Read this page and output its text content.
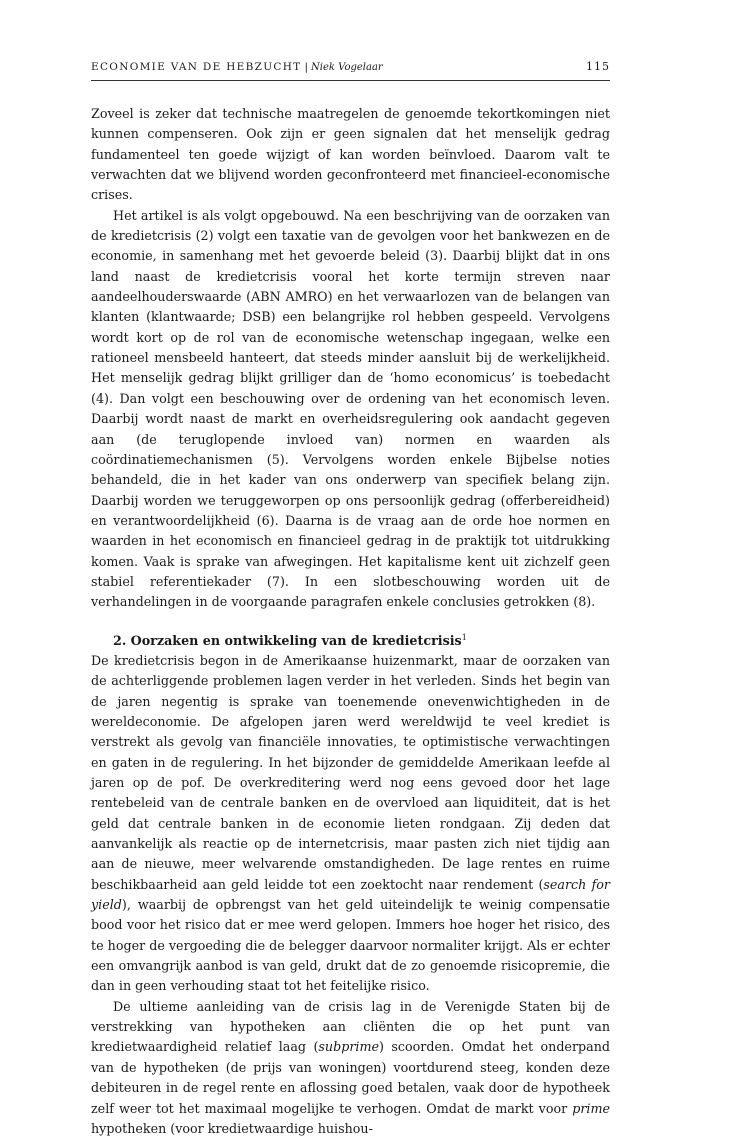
ECONOMIE VAN DE HEBZUCHT | Niek Vogelaar	115

Zoveel is zeker dat technische maatregelen de genoemde tekortkomingen niet kunnen compenseren. Ook zijn er geen signalen dat het menselijk gedrag fundamenteel ten goede wijzigt of kan worden beïnvloed. Daarom valt te verwachten dat we blijvend worden geconfronteerd met financieel-economische crises.

Het artikel is als volgt opgebouwd. Na een beschrijving van de oorzaken van de kredietcrisis (2) volgt een taxatie van de gevolgen voor het bankwezen en de economie, in samenhang met het gevoerde beleid (3). Daarbij blijkt dat in ons land naast de kredietcrisis vooral het korte termijn streven naar aandeelhouderswaarde (ABN AMRO) en het verwaarlozen van de belangen van klanten (klantwaarde; DSB) een belangrijke rol hebben gespeeld. Vervolgens wordt kort op de rol van de economische wetenschap ingegaan, welke een rationeel mensbeeld hanteert, dat steeds minder aansluit bij de werkelijkheid. Het menselijk gedrag blijkt grilliger dan de ‘homo economicus’ is toebedacht (4). Dan volgt een beschouwing over de ordening van het economisch leven. Daarbij wordt naast de markt en overheidsregulering ook aandacht gegeven aan (de teruglopende invloed van) normen en waarden als coördinatiemechanismen (5). Vervolgens worden enkele Bijbelse noties behandeld, die in het kader van ons onderwerp van specifiek belang zijn. Daarbij worden we teruggeworpen op ons persoonlijk gedrag (offerbereidheid) en verantwoordelijkheid (6). Daarna is de vraag aan de orde hoe normen en waarden in het economisch en financieel gedrag in de praktijk tot uitdrukking komen. Vaak is sprake van afwegingen. Het kapitalisme kent uit zichzelf geen stabiel referentiekader (7). In een slotbeschouwing worden uit de verhandelingen in de voorgaande paragrafen enkele conclusies getrokken (8).

2. Oorzaken en ontwikkeling van de kredietcrisis$^1$

De kredietcrisis begon in de Amerikaanse huizenmarkt, maar de oorzaken van de achterliggende problemen lagen verder in het verleden. Sinds het begin van de jaren negentig is sprake van toenemende onevenwichtigheden in de wereldeconomie. De afgelopen jaren werd wereldwijd te veel krediet is verstrekt als gevolg van financiële innovaties, te optimistische verwachtingen en gaten in de regulering. In het bijzonder de gemiddelde Amerikaan leefde al jaren op de pof. De overkreditering werd nog eens gevoed door het lage rentebeleid van de centrale banken en de overvloed aan liquiditeit, dat is het geld dat centrale banken in de economie lieten rondgaan. Zij deden dat aanvankelijk als reactie op de internetcrisis, maar pasten zich niet tijdig aan aan de nieuwe, meer welvarende omstandigheden. De lage rentes en ruime beschikbaarheid aan geld leidde tot een zoektocht naar rendement (search for yield), waarbij de opbrengst van het geld uiteindelijk te weinig compensatie bood voor het risico dat er mee werd gelopen. Immers hoe hoger het risico, des te hoger de vergoeding die de belegger daarvoor normaliter krijgt. Als er echter een omvangrijk aanbod is van geld, drukt dat de zo genoemde risicopremie, die dan in geen verhouding staat tot het feitelijke risico.

De ultieme aanleiding van de crisis lag in de Verenigde Staten bij de verstrekking van hypotheken aan cliënten die op het punt van kredietwaardigheid relatief laag (subprime) scoorden. Omdat het onderpand van de hypotheken (de prijs van woningen) voortdurend steeg, konden deze debiteuren in de regel rente en aflossing goed betalen, vaak door de hypotheek zelf weer tot het maximaal mogelijke te verhogen. Omdat de markt voor prime hypotheken (voor kredietwaardige huishou-
